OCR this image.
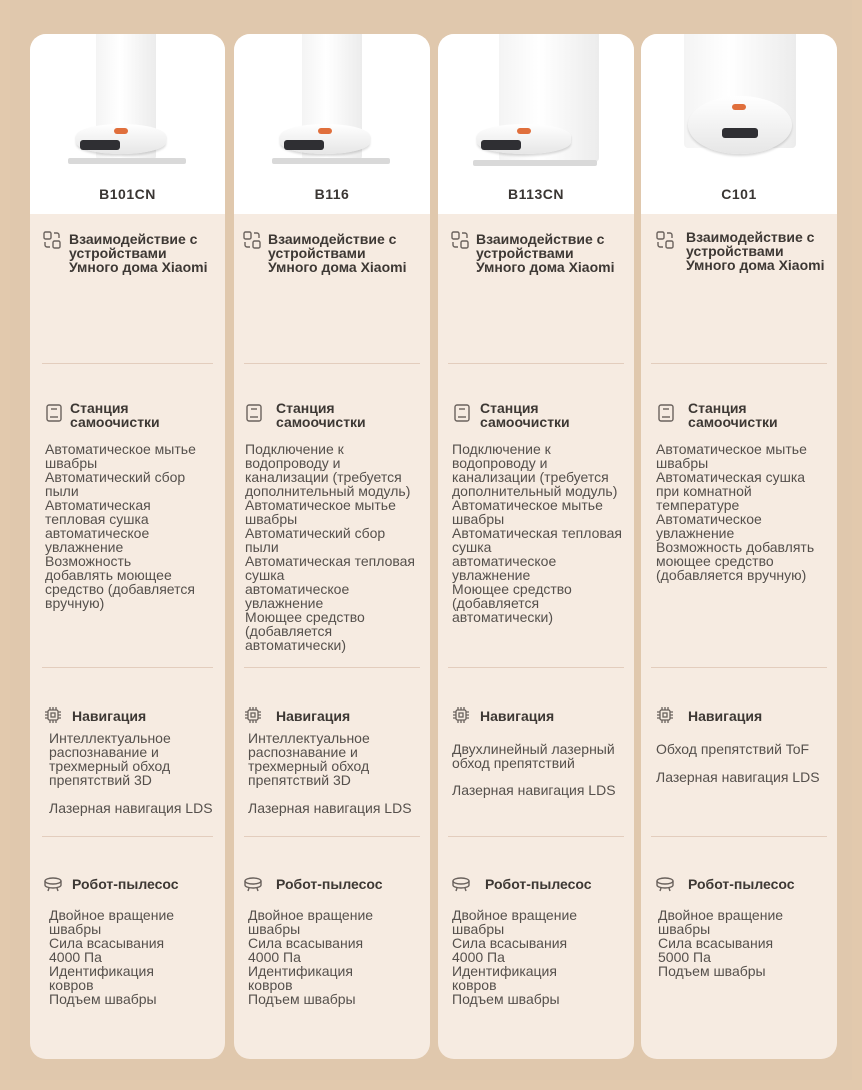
B101CN
Взаимодействие с
устройствами
Умного дома Xiaomi
Станция
самоочистки
Автоматическое мытье
швабры
Автоматический сбор
пыли
Автоматическая
тепловая сушка
автоматическое
увлажнение
Возможность
добавлять моющее
средство (добавляется
вручную)
Навигация
Интеллектуальное
распознавание и
трехмерный обход
препятствий 3D
Лазерная навигация LDS
Робот-пылесос
Двойное вращение
швабры
Сила всасывания
4000 Па
Идентификация
ковров
Подъем швабры
B116
Взаимодействие с
устройствами
Умного дома Xiaomi
Станция
самоочистки
Подключение к
водопроводу и
канализации (требуется
дополнительный модуль)
Автоматическое мытье
швабры
Автоматический сбор
пыли
Автоматическая тепловая
сушка
автоматическое
увлажнение
Моющее средство
(добавляется
автоматически)
Навигация
Интеллектуальное
распознавание и
трехмерный обход
препятствий 3D
Лазерная навигация LDS
Робот-пылесос
Двойное вращение
швабры
Сила всасывания
4000 Па
Идентификация
ковров
Подъем швабры
B113CN
Взаимодействие с
устройствами
Умного дома Xiaomi
Станция
самоочистки
Подключение к
водопроводу и
канализации (требуется
дополнительный модуль)
Автоматическое мытье
швабры
Автоматическая тепловая
сушка
автоматическое
увлажнение
Моющее средство
(добавляется
автоматически)
Навигация
Двухлинейный лазерный
обход препятствий
Лазерная навигация LDS
Робот-пылесос
Двойное вращение
швабры
Сила всасывания
4000 Па
Идентификация
ковров
Подъем швабры
C101
Взаимодействие с
устройствами
Умного дома Xiaomi
Станция
самоочистки
Автоматическое мытье
швабры
Автоматическая сушка
при комнатной
температуре
Автоматическое
увлажнение
Возможность добавлять
моющее средство
(добавляется вручную)
Навигация
Обход препятствий ToF
Лазерная навигация LDS
Робот-пылесос
Двойное вращение
швабры
Сила всасывания
5000 Па
Подъем швабры
